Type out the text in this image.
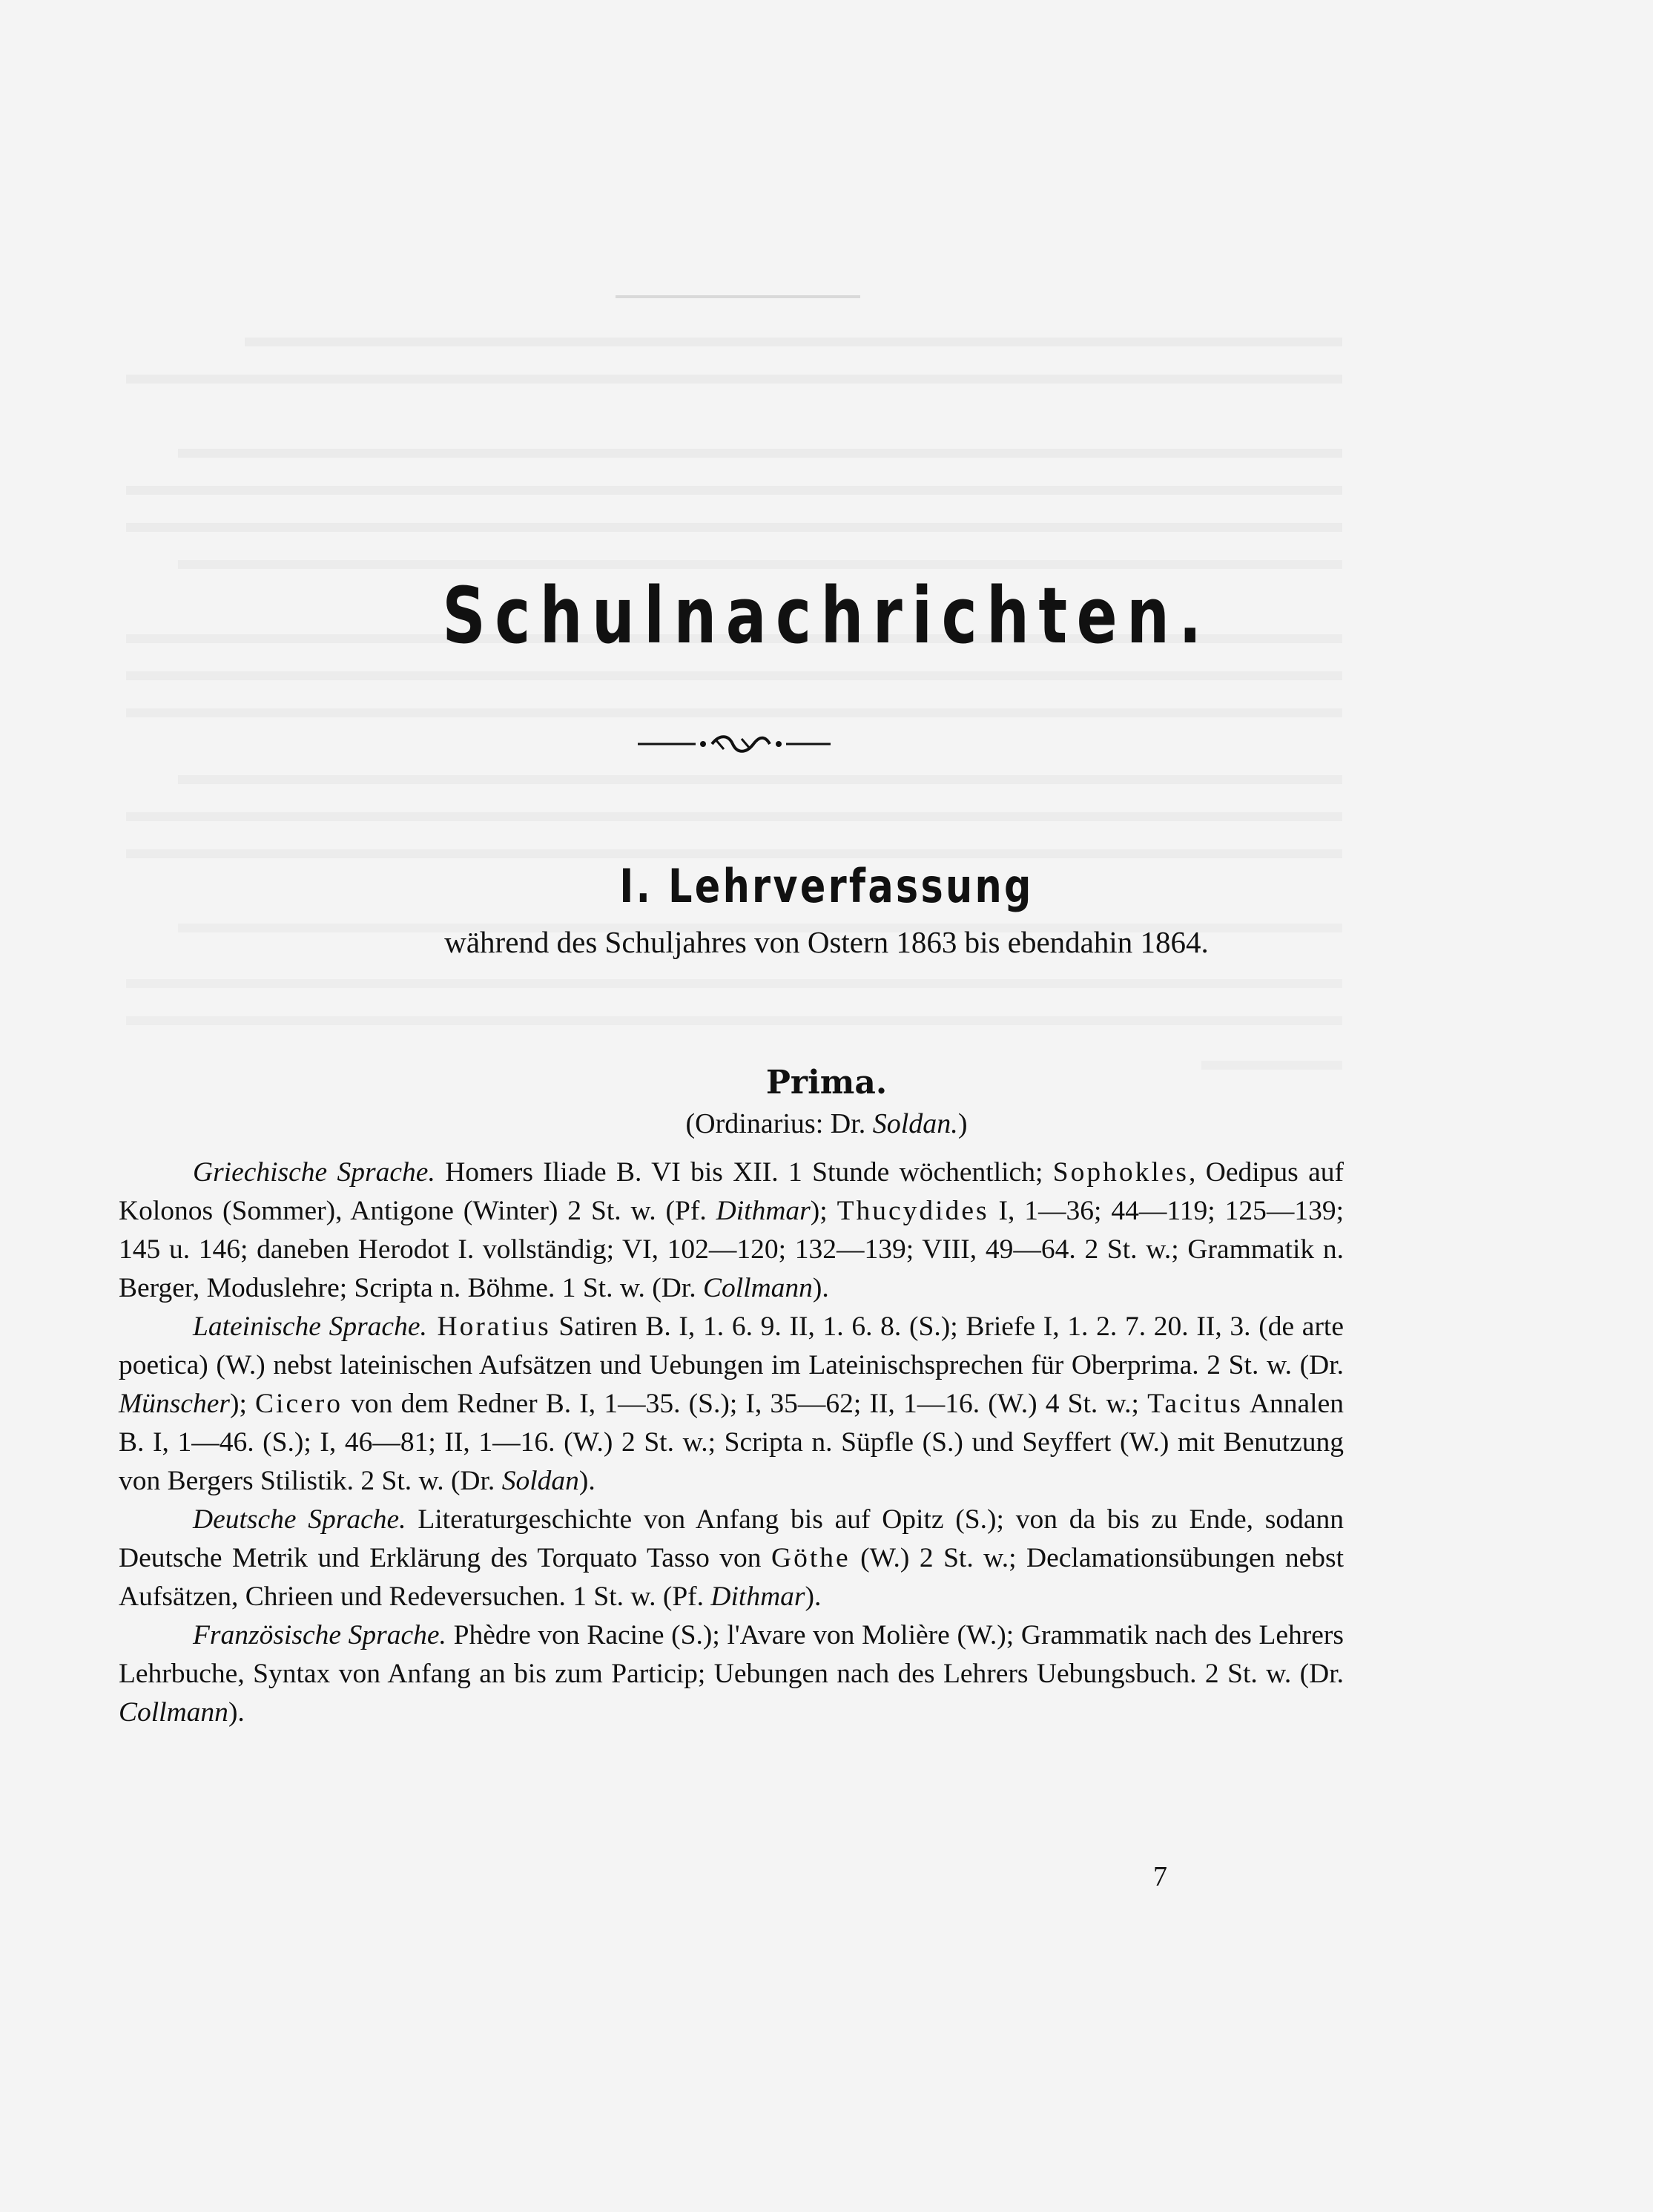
Schulnachrichten.
I. Lehrverfassung
während des Schuljahres von Ostern 1863 bis ebendahin 1864.
Prima.
(Ordinarius: Dr. Soldan.)

Griechische Sprache. Homers Iliade B. VI bis XII. 1 Stunde wöchentlich; Sophokles, Oedipus auf Kolonos (Sommer), Antigone (Winter) 2 St. w. (Pf. Dithmar); Thucydides I, 1—36; 44—119; 125—139; 145 u. 146; daneben Herodot I. vollständig; VI, 102—120; 132—139; VIII, 49—64. 2 St. w.; Grammatik n. Berger, Moduslehre; Scripta n. Böhme. 1 St. w. (Dr. Collmann).

Lateinische Sprache. Horatius Satiren B. I, 1. 6. 9. II, 1. 6. 8. (S.); Briefe I, 1. 2. 7. 20. II, 3. (de arte poetica) (W.) nebst lateinischen Aufsätzen und Uebungen im Lateinischsprechen für Oberprima. 2 St. w. (Dr. Münscher); Cicero von dem Redner B. I, 1—35. (S.); I, 35—62; II, 1—16. (W.) 4 St. w.; Tacitus Annalen B. I, 1—46. (S.); I, 46—81; II, 1—16. (W.) 2 St. w.; Scripta n. Süpfle (S.) und Seyffert (W.) mit Benutzung von Bergers Stilistik. 2 St. w. (Dr. Soldan).

Deutsche Sprache. Literaturgeschichte von Anfang bis auf Opitz (S.); von da bis zu Ende, sodann Deutsche Metrik und Erklärung des Torquato Tasso von Göthe (W.) 2 St. w.; Declamationsübungen nebst Aufsätzen, Chrieen und Redeversuchen. 1 St. w. (Pf. Dithmar).

Französische Sprache. Phèdre von Racine (S.); l'Avare von Molière (W.); Grammatik nach des Lehrers Lehrbuche, Syntax von Anfang an bis zum Particip; Uebungen nach des Lehrers Uebungsbuch. 2 St. w. (Dr. Collmann).

7
